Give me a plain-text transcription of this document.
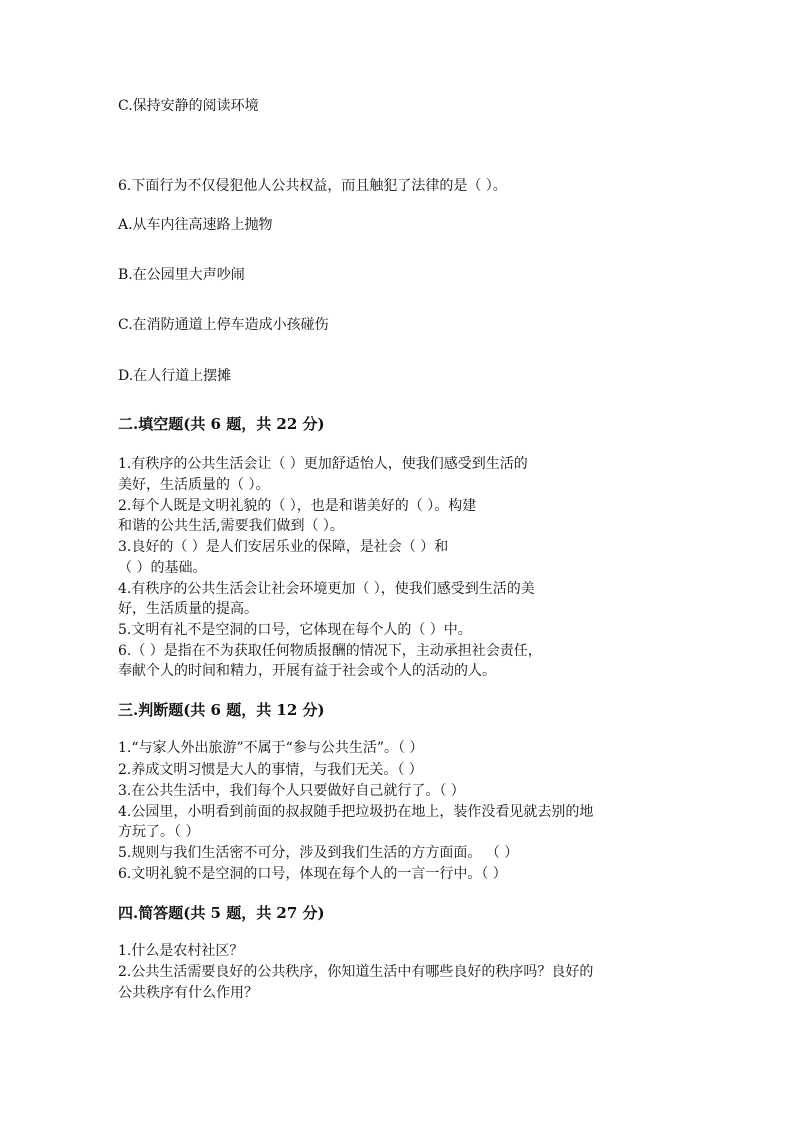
C.保持安静的阅读环境
6.下面行为不仅侵犯他人公共权益，而且触犯了法律的是（ ）。
A.从车内往高速路上抛物
B.在公园里大声吵闹
C.在消防通道上停车造成小孩碰伤
D.在人行道上摆摊
二.填空题(共 6 题，共 22 分)
1.有秩序的公共生活会让（ ）更加舒适怡人，使我们感受到生活的
美好，生活质量的（ ）。
2.每个人既是文明礼貌的（ ），也是和谐美好的（ ）。构建
和谐的公共生活,需要我们做到（ ）。
3.良好的（ ）是人们安居乐业的保障，是社会（ ）和
（ ）的基础。
4.有秩序的公共生活会让社会环境更加（ ），使我们感受到生活的美
好，生活质量的提高。
5.文明有礼不是空洞的口号，它体现在每个人的（ ）中。
6.（ ）是指在不为获取任何物质报酬的情况下，主动承担社会责任，
奉献个人的时间和精力，开展有益于社会或个人的活动的人。
三.判断题(共 6 题，共 12 分)
1.“与家人外出旅游”不属于“参与公共生活”。（ ）
2.养成文明习惯是大人的事情，与我们无关。（ ）
3.在公共生活中，我们每个人只要做好自己就行了。（ ）
4.公园里，小明看到前面的叔叔随手把垃圾扔在地上，装作没看见就去别的地
方玩了。（ ）
5.规则与我们生活密不可分，涉及到我们生活的方方面面。 （ ）
6.文明礼貌不是空洞的口号，体现在每个人的一言一行中。（ ）
四.简答题(共 5 题，共 27 分)
1.什么是农村社区？
2.公共生活需要良好的公共秩序，你知道生活中有哪些良好的秩序吗？良好的
公共秩序有什么作用？
